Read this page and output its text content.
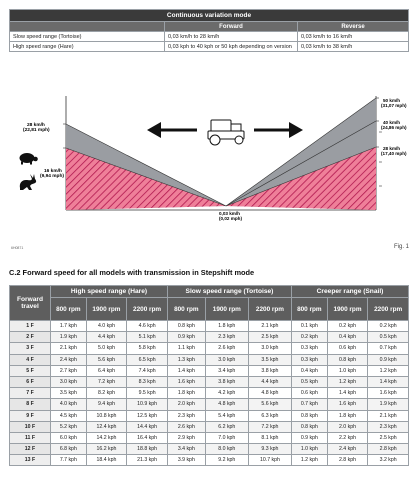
Continuous variation mode		
	Forward	Reverse
Slow speed range (Tortoise)	0,03 km/h to 28 km/h	0,03 km/h to 16 km/h
High speed range (Hare)	0,03 kph to 40 kph or 50 kph depending on version	0,03 km/h to 38 km/h
28 km/h (22,81 mph)
16 km/h (9,94 mph)
50 km/h (31,07 mph)
40 km/h (24,86 mph)
28 km/h (17,40 mph)
0,03 km/h (0,02 mph)
6H0871	Fig. 1
C.2 Forward speed for all models with transmission in Stepshift mode
Forward travel	High speed range (Hare)			Slow speed range (Tortoise)			Creeper range (Snail)		
	800 rpm	1900 rpm	2200 rpm	800 rpm	1900 rpm	2200 rpm	800 rpm	1900 rpm	2200 rpm
1 F	1.7 kph	4.0 kph	4.6 kph	0.8 kph	1.8 kph	2.1 kph	0.1 kph	0.2 kph	0.2 kph
2 F	1.9 kph	4.4 kph	5.1 kph	0.9 kph	2.3 kph	2.5 kph	0.2 kph	0.4 kph	0.5 kph
3 F	2.1 kph	5.0 kph	5.8 kph	1.1 kph	2.6 kph	3.0 kph	0.3 kph	0.6 kph	0.7 kph
4 F	2.4 kph	5.6 kph	6.5 kph	1.3 kph	3.0 kph	3.5 kph	0.3 kph	0.8 kph	0.9 kph
5 F	2.7 kph	6.4 kph	7.4 kph	1.4 kph	3.4 kph	3.8 kph	0.4 kph	1.0 kph	1.2 kph
6 F	3.0 kph	7.2 kph	8.3 kph	1.6 kph	3.8 kph	4.4 kph	0.5 kph	1.2 kph	1.4 kph
7 F	3.5 kph	8.2 kph	9.5 kph	1.8 kph	4.2 kph	4.8 kph	0.6 kph	1.4 kph	1.6 kph
8 F	4.0 kph	9.4 kph	10.9 kph	2.0 kph	4.8 kph	5.6 kph	0.7 kph	1.6 kph	1.9 kph
9 F	4.5 kph	10.8 kph	12.5 kph	2.3 kph	5.4 kph	6.3 kph	0.8 kph	1.8 kph	2.1 kph
10 F	5.2 kph	12.4 kph	14.4 kph	2.6 kph	6.2 kph	7.2 kph	0.8 kph	2.0 kph	2.3 kph
11 F	6.0 kph	14.2 kph	16.4 kph	2.9 kph	7.0 kph	8.1 kph	0.9 kph	2.2 kph	2.5 kph
12 F	6.8 kph	16.2 kph	18.8 kph	3.4 kph	8.0 kph	9.3 kph	1.0 kph	2.4 kph	2.8 kph
13 F	7.7 kph	18.4 kph	21.3 kph	3.9 kph	9.2 kph	10.7 kph	1.2 kph	2.8 kph	3.2 kph
